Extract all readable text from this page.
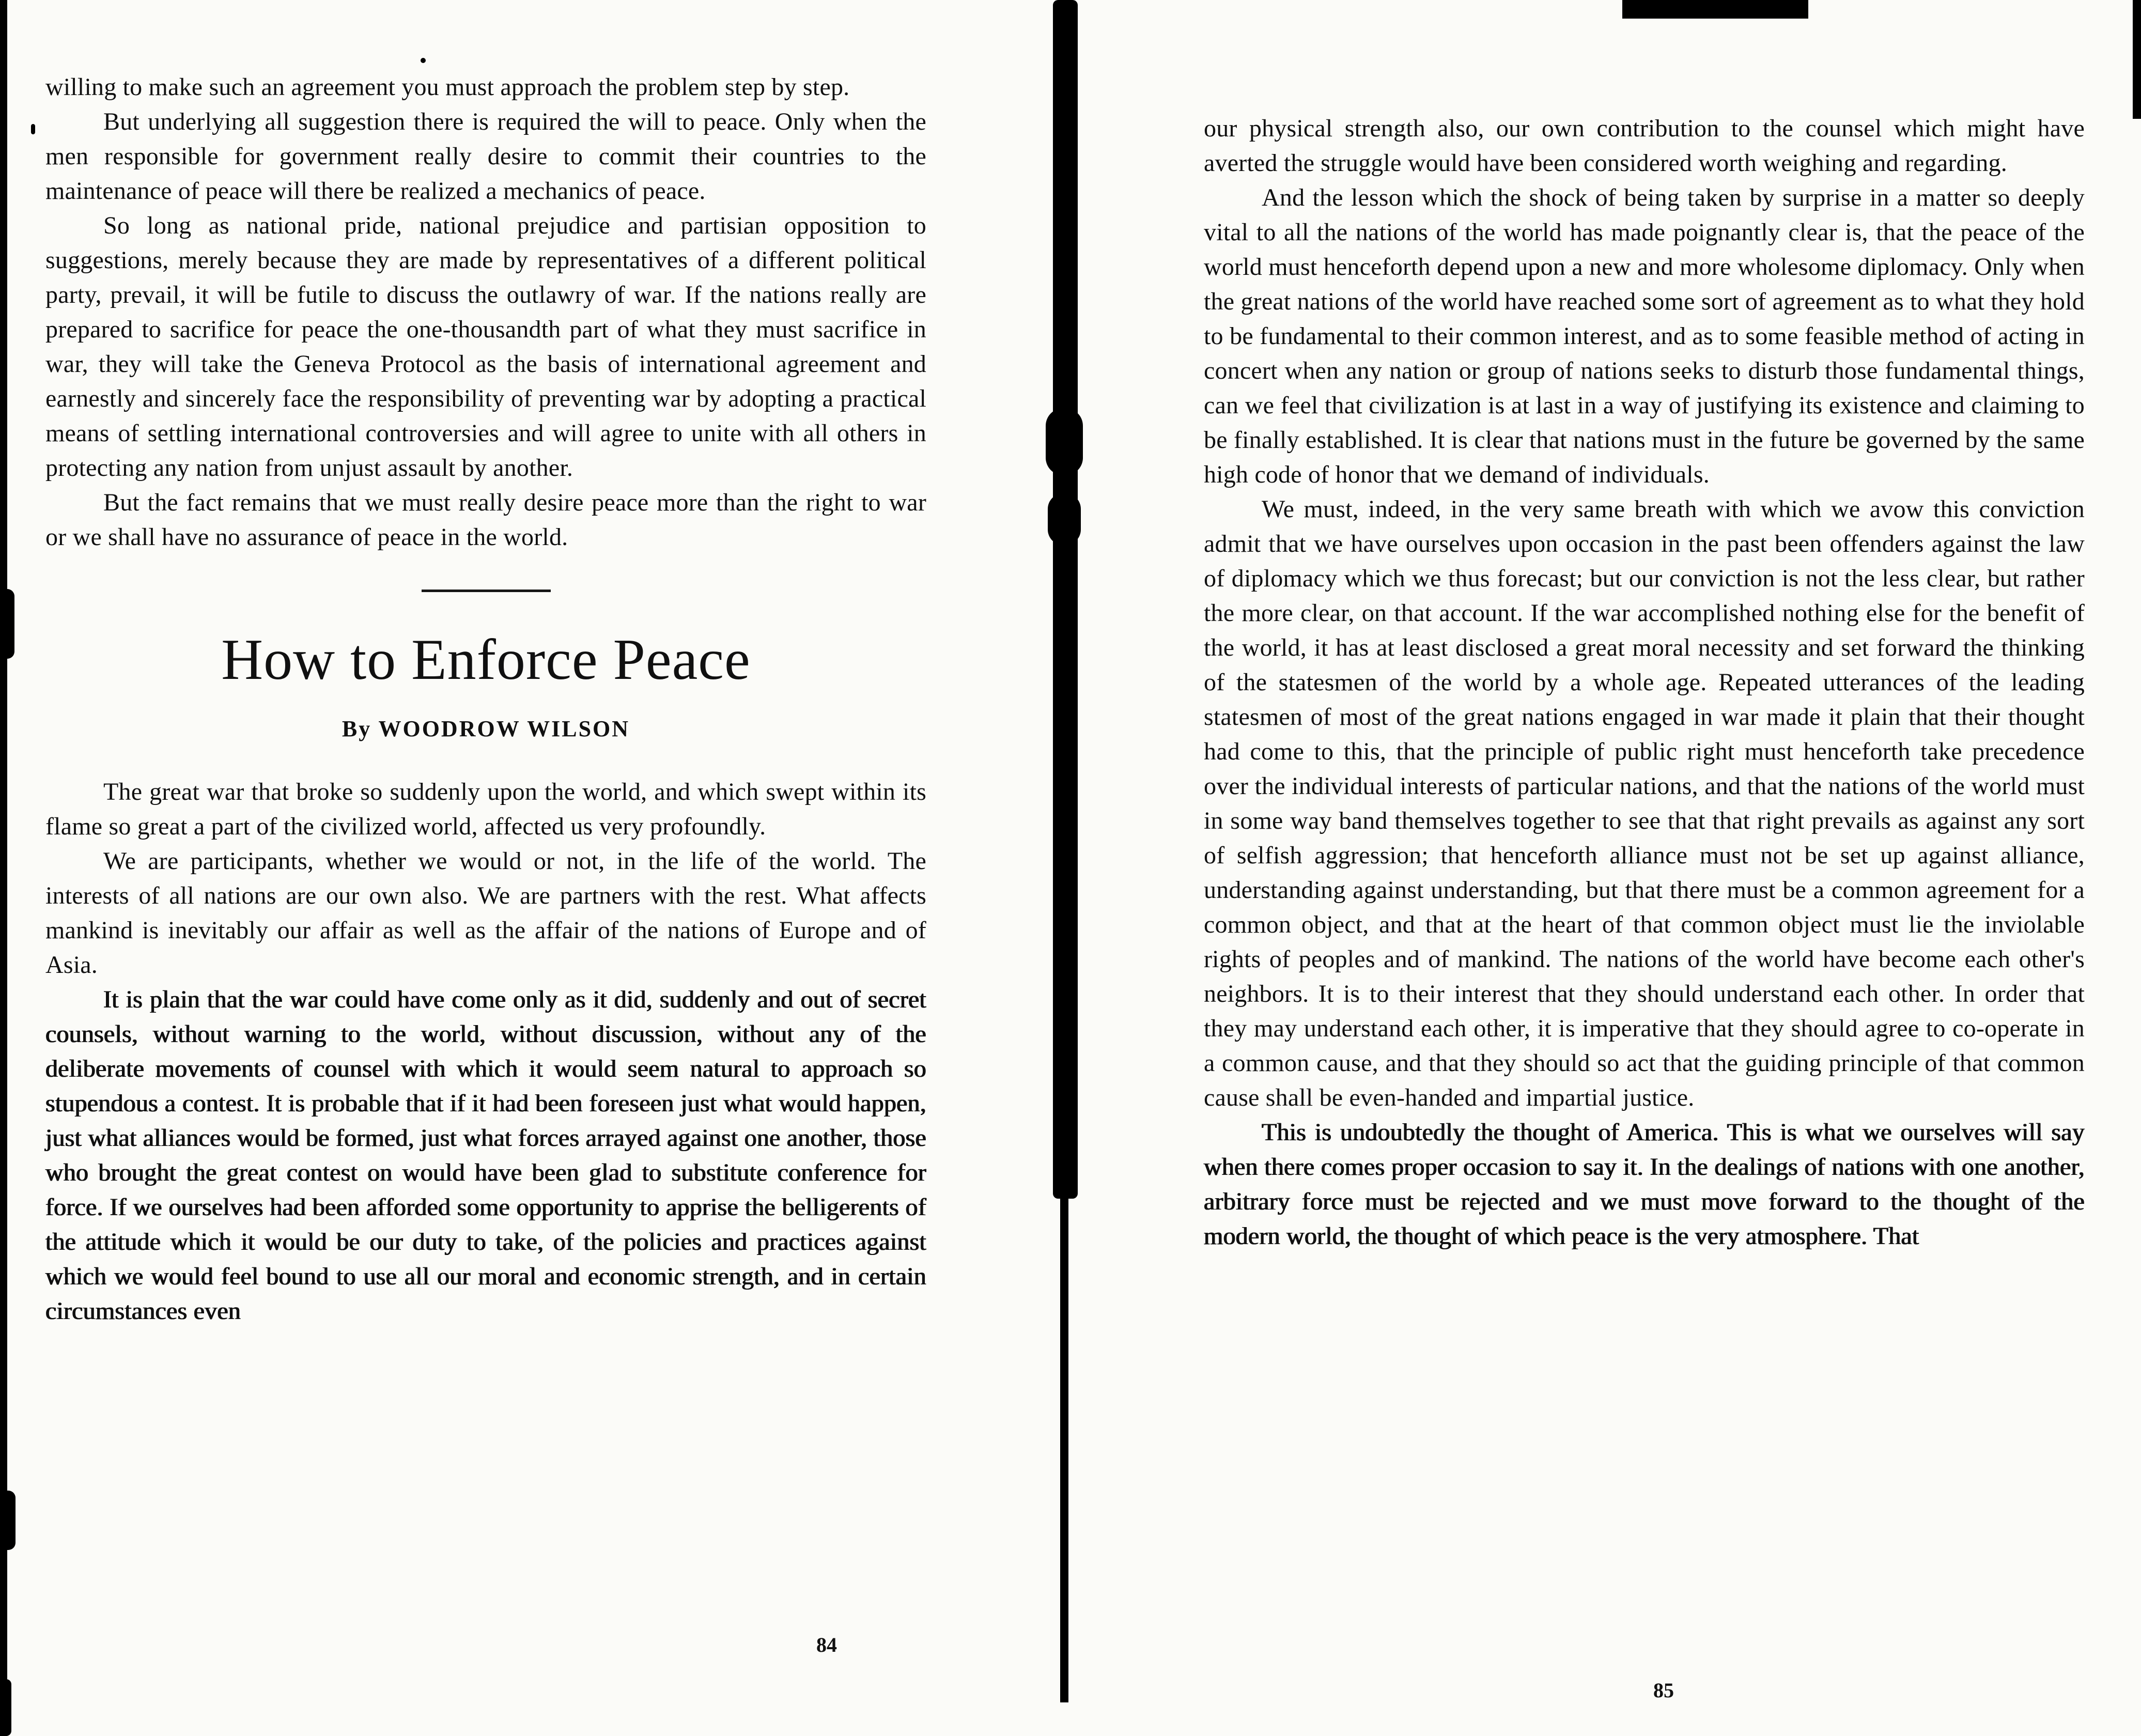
willing to make such an agreement you must approach the problem step by step.

But underlying all suggestion there is required the will to peace. Only when the men responsible for government really desire to commit their countries to the maintenance of peace will there be realized a mechanics of peace.

So long as national pride, national prejudice and partisian opposition to suggestions, merely because they are made by representatives of a different political party, prevail, it will be futile to discuss the outlawry of war. If the nations really are prepared to sacrifice for peace the one-thousandth part of what they must sacrifice in war, they will take the Geneva Protocol as the basis of international agreement and earnestly and sincerely face the responsibility of preventing war by adopting a practical means of settling international controversies and will agree to unite with all others in protecting any nation from unjust assault by another.

But the fact remains that we must really desire peace more than the right to war or we shall have no assurance of peace in the world.

How to Enforce Peace
By WOODROW WILSON

The great war that broke so suddenly upon the world, and which swept within its flame so great a part of the civilized world, affected us very profoundly.

We are participants, whether we would or not, in the life of the world. The interests of all nations are our own also. We are partners with the rest. What affects mankind is inevitably our affair as well as the affair of the nations of Europe and of Asia.

It is plain that the war could have come only as it did, suddenly and out of secret counsels, without warning to the world, without discussion, without any of the deliberate movements of counsel with which it would seem natural to approach so stupendous a contest. It is probable that if it had been foreseen just what would happen, just what alliances would be formed, just what forces arrayed against one another, those who brought the great contest on would have been glad to substitute conference for force. If we ourselves had been afforded some opportunity to apprise the belligerents of the attitude which it would be our duty to take, of the policies and practices against which we would feel bound to use all our moral and economic strength, and in certain circumstances even

our physical strength also, our own contribution to the counsel which might have averted the struggle would have been considered worth weighing and regarding.

And the lesson which the shock of being taken by surprise in a matter so deeply vital to all the nations of the world has made poignantly clear is, that the peace of the world must henceforth depend upon a new and more wholesome diplomacy. Only when the great nations of the world have reached some sort of agreement as to what they hold to be fundamental to their common interest, and as to some feasible method of acting in concert when any nation or group of nations seeks to disturb those fundamental things, can we feel that civilization is at last in a way of justifying its existence and claiming to be finally established. It is clear that nations must in the future be governed by the same high code of honor that we demand of individuals.

We must, indeed, in the very same breath with which we avow this conviction admit that we have ourselves upon occasion in the past been offenders against the law of diplomacy which we thus forecast; but our conviction is not the less clear, but rather the more clear, on that account. If the war accomplished nothing else for the benefit of the world, it has at least disclosed a great moral necessity and set forward the thinking of the statesmen of the world by a whole age. Repeated utterances of the leading statesmen of most of the great nations engaged in war made it plain that their thought had come to this, that the principle of public right must henceforth take precedence over the individual interests of particular nations, and that the nations of the world must in some way band themselves together to see that that right prevails as against any sort of selfish aggression; that henceforth alliance must not be set up against alliance, understanding against understanding, but that there must be a common agreement for a common object, and that at the heart of that common object must lie the inviolable rights of peoples and of mankind. The nations of the world have become each other's neighbors. It is to their interest that they should understand each other. In order that they may understand each other, it is imperative that they should agree to co-operate in a common cause, and that they should so act that the guiding principle of that common cause shall be even-handed and impartial justice.

This is undoubtedly the thought of America. This is what we ourselves will say when there comes proper occasion to say it. In the dealings of nations with one another, arbitrary force must be rejected and we must move forward to the thought of the modern world, the thought of which peace is the very atmosphere. That

84
85
